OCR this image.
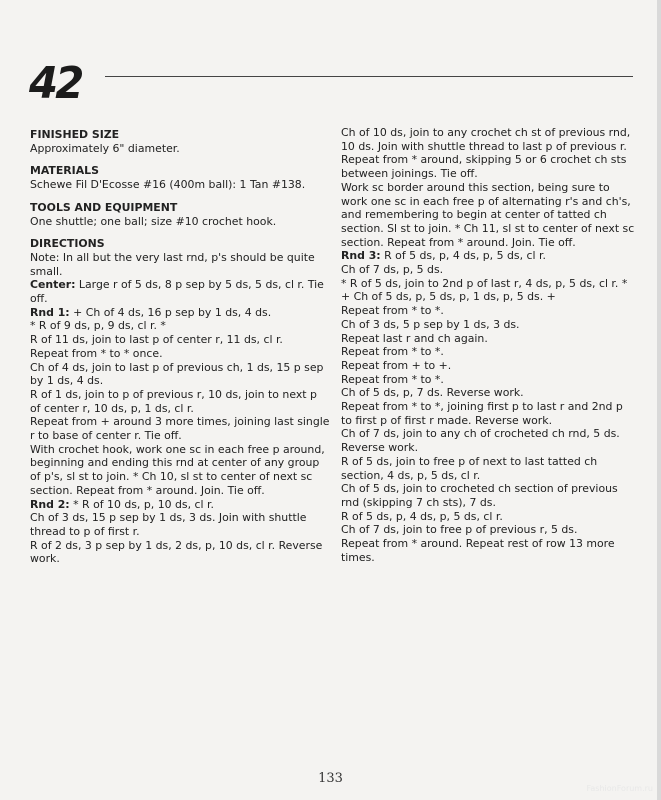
42

FINISHED SIZE

Approximately 6" diameter.

MATERIALS

Schewe Fil D'Ecosse #16 (400m ball): 1 Tan #138.

TOOLS AND EQUIPMENT

One shuttle; one ball; size #10 crochet hook.

DIRECTIONS

Note: In all but the very last rnd, p's should be quite small.

Center: Large r of 5 ds, 8 p sep by 5 ds, 5 ds, cl r. Tie off.

Rnd 1: + Ch of 4 ds, 16 p sep by 1 ds, 4 ds.

* R of 9 ds, p, 9 ds, cl r. *

R of 11 ds, join to last p of center r, 11 ds, cl r.

Repeat from * to * once.

Ch of 4 ds, join to last p of previous ch, 1 ds, 15 p sep by 1 ds, 4 ds.

R of 1 ds, join to p of previous r, 10 ds, join to next p of center r, 10 ds, p, 1 ds, cl r.

Repeat from + around 3 more times, joining last single r to base of center r. Tie off.

With crochet hook, work one sc in each free p around, beginning and ending this rnd at center of any group of p's, sl st to join. * Ch 10, sl st to center of next sc section. Repeat from * around. Join. Tie off.

Rnd 2: * R of 10 ds, p, 10 ds, cl r.

Ch of 3 ds, 15 p sep by 1 ds, 3 ds. Join with shuttle thread to p of first r.

R of 2 ds, 3 p sep by 1 ds, 2 ds, p, 10 ds, cl r. Reverse work.

Ch of 10 ds, join to any crochet ch st of previous rnd, 10 ds. Join with shuttle thread to last p of previous r.

Repeat from * around, skipping 5 or 6 crochet ch sts between joinings. Tie off.

Work sc border around this section, being sure to work one sc in each free p of alternating r's and ch's, and remembering to begin at center of tatted ch section. Sl st to join. * Ch 11, sl st to center of next sc section. Repeat from * around. Join. Tie off.

Rnd 3: R of 5 ds, p, 4 ds, p, 5 ds, cl r.

Ch of 7 ds, p, 5 ds.

* R of 5 ds, join to 2nd p of last r, 4 ds, p, 5 ds, cl r. *

+ Ch of 5 ds, p, 5 ds, p, 1 ds, p, 5 ds. +

Repeat from * to *.

Ch of 3 ds, 5 p sep by 1 ds, 3 ds.

Repeat last r and ch again.

Repeat from * to *.

Repeat from + to +.

Repeat from * to *.

Ch of 5 ds, p, 7 ds. Reverse work.

Repeat from * to *, joining first p to last r and 2nd p to first p of first r made. Reverse work.

Ch of 7 ds, join to any ch of crocheted ch rnd, 5 ds. Reverse work.

R of 5 ds, join to free p of next to last tatted ch section, 4 ds, p, 5 ds, cl r.

Ch of 5 ds, join to crocheted ch section of previous rnd (skipping 7 ch sts), 7 ds.

R of 5 ds, p, 4 ds, p, 5 ds, cl r.

Ch of 7 ds, join to free p of previous r, 5 ds.

Repeat from * around. Repeat rest of row 13 more times.

133
FashionForum.ru
